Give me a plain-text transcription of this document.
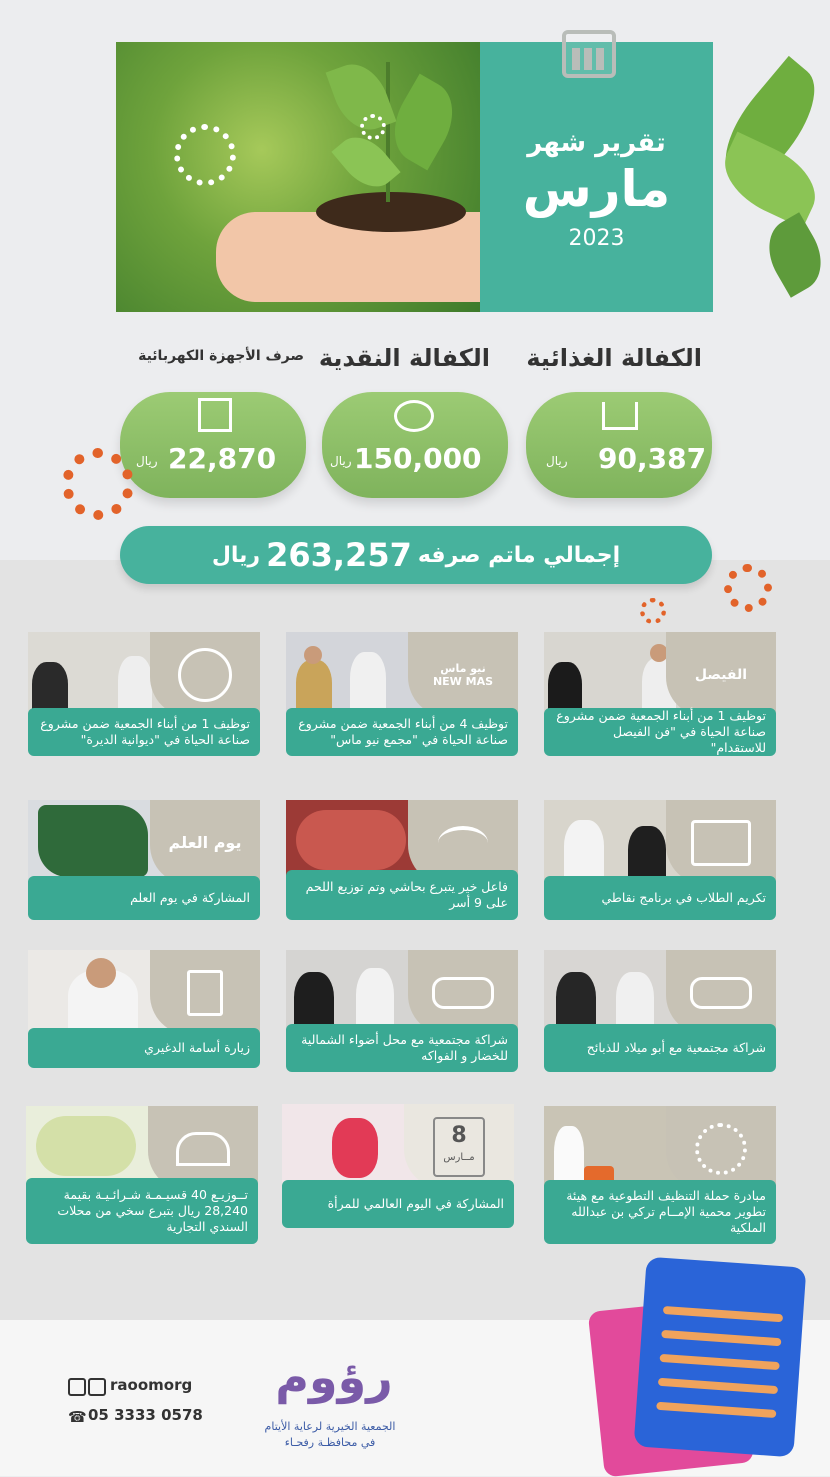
تقرير شهر
مارس
2023
الكفالة الغذائية
الكفالة النقدية
صرف الأجهزة الكهربائية
90,387
ريال
150,000
ريال
22,870
ريال
إجمالي ماتم صرفه
263,257
ريال
الفيصل
توظيف 1 من أبناء الجمعية ضمن مشروع صناعة الحياة في "فن الفيصل للاستقدام"
نيو ماس NEW MAS
توظيف 4 من أبناء الجمعية ضمن مشروع صناعة الحياة في "مجمع نيو ماس"
توظيف 1 من أبناء الجمعية ضمن مشروع صناعة الحياة في "ديوانية الديرة"
تكريم الطلاب في برنامج نقاطي
فاعل خير يتبرع بحاشي وتم توزيع اللحم على 9 أسر
يوم العلم
المشاركة في يوم العلم
شراكة مجتمعية مع أبو ميلاد للذبائح
شراكة مجتمعية مع محل أضواء الشمالية للخضار و الفواكه
زيارة أسامة الدغيري
مبادرة حملة التنظيف التطوعية مع هيئة تطوير محمية الإمــام تركي بن عبدالله الملكية
8
مــارس
المشاركة في اليوم العالمي للمرأة
تــوزيـع 40 قسيـمـة شـرائـيـة بقيمة 28,240 ريال بتبرع سخي من محلات السندي التجارية
raoomorg
☎ 05 3333 0578
رؤوم
الجمعية الخيرية لرعاية الأيتام
في محافظـة رفحـاء
